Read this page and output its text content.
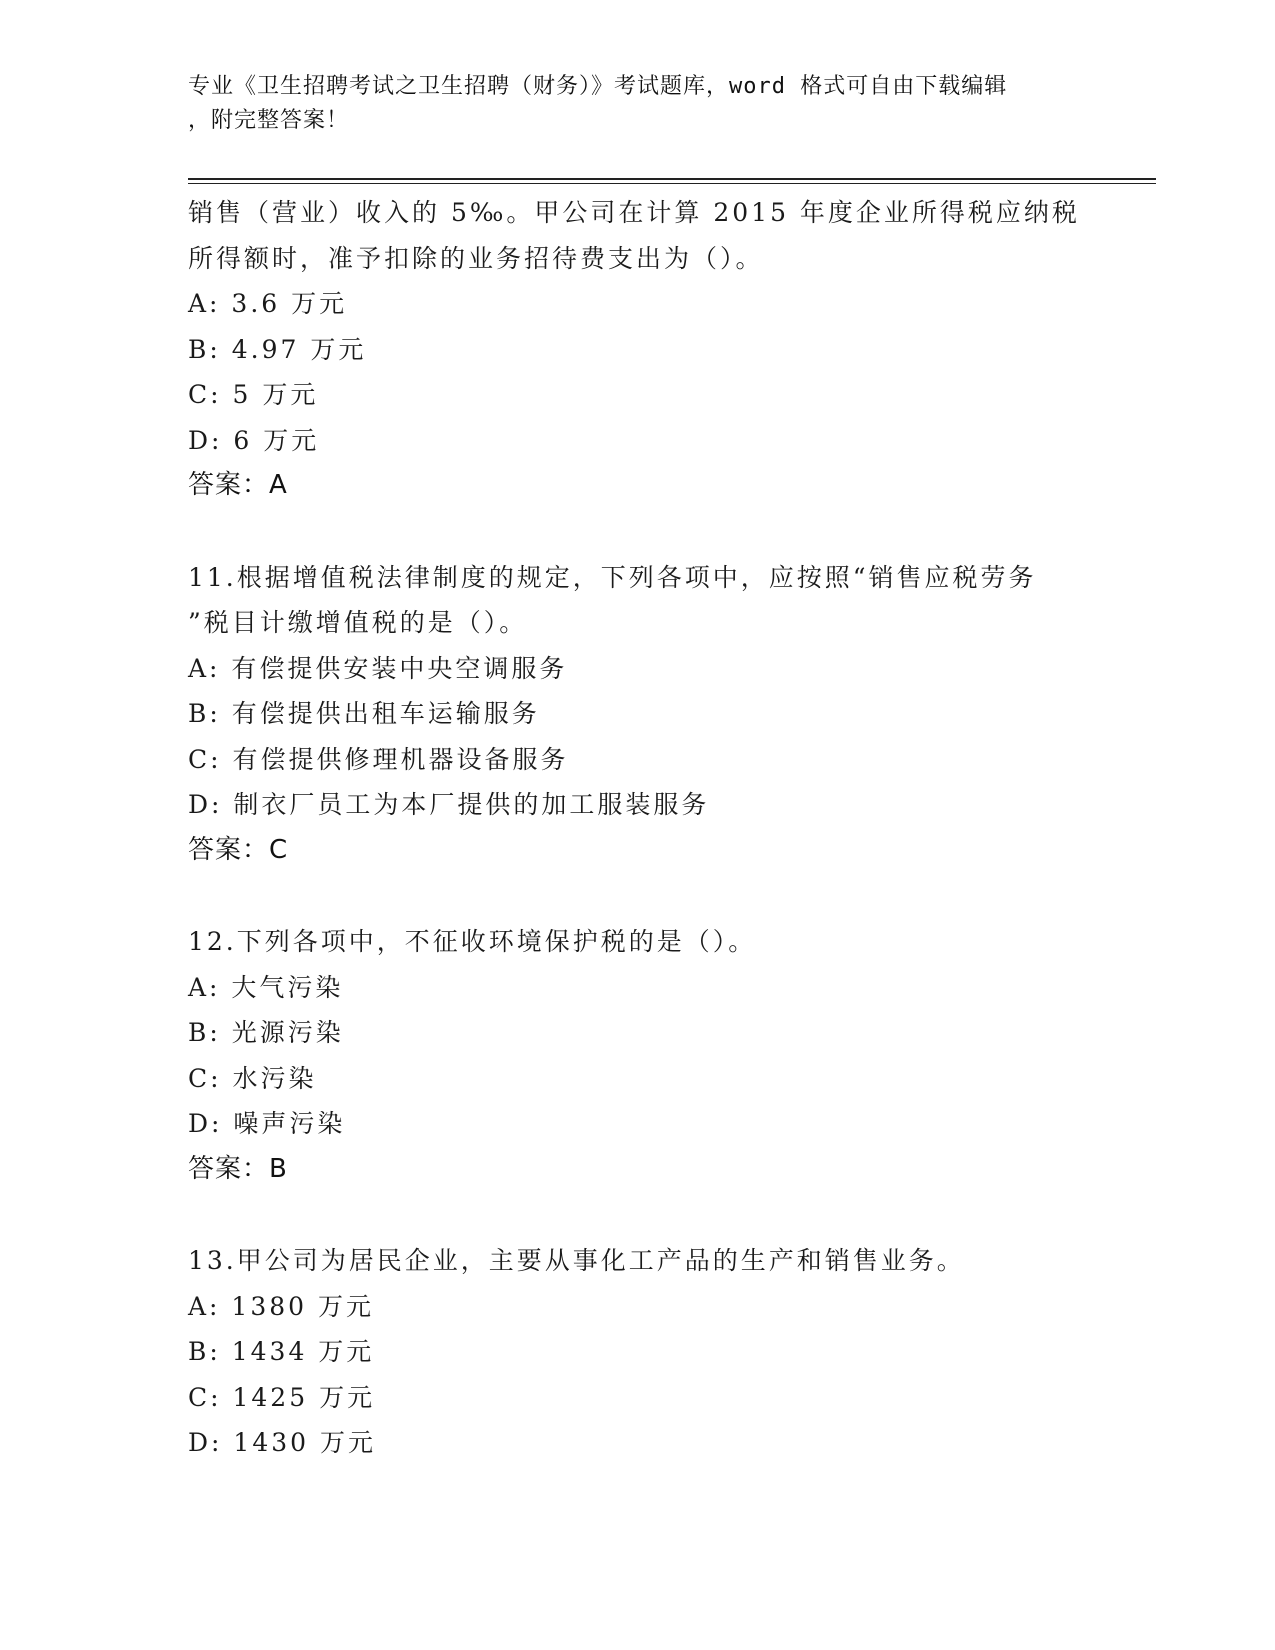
专业《卫生招聘考试之卫生招聘（财务）》考试题库，word 格式可自由下载编辑
，附完整答案！
销售（营业）收入的 5‰。甲公司在计算 2015 年度企业所得税应纳税
所得额时，准予扣除的业务招待费支出为（）。
A: 3.6 万元
B: 4.97 万元
C: 5 万元
D: 6 万元
答案：A
11.根据增值税法律制度的规定，下列各项中，应按照“销售应税劳务
”税目计缴增值税的是（）。
A: 有偿提供安装中央空调服务
B: 有偿提供出租车运输服务
C: 有偿提供修理机器设备服务
D: 制衣厂员工为本厂提供的加工服装服务
答案：C
12.下列各项中，不征收环境保护税的是（）。
A: 大气污染
B: 光源污染
C: 水污染
D: 噪声污染
答案：B
13.甲公司为居民企业，主要从事化工产品的生产和销售业务。
A: 1380 万元
B: 1434 万元
C: 1425 万元
D: 1430 万元
